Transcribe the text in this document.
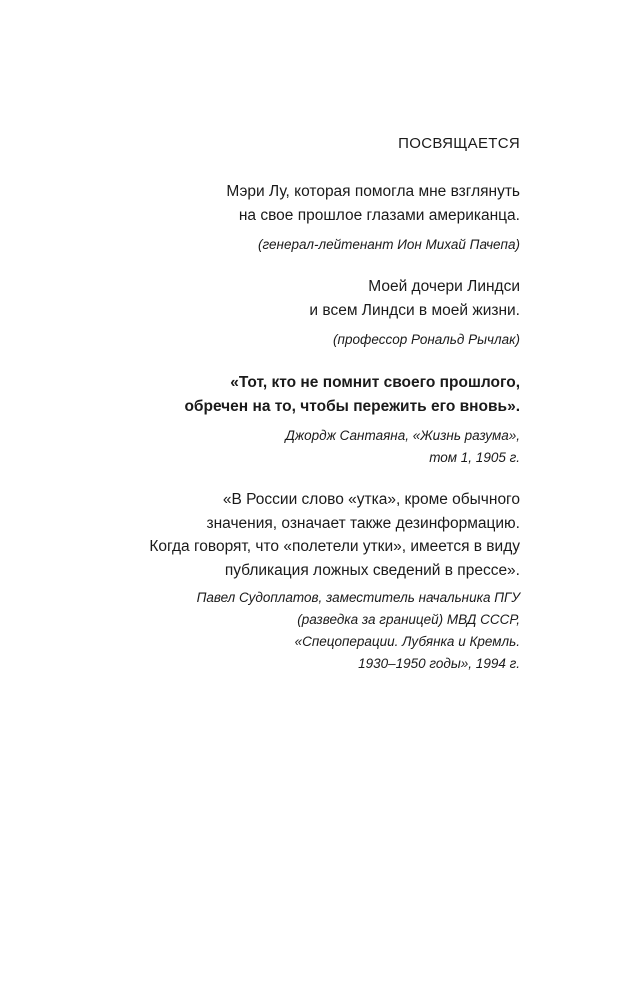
ПОСВЯЩАЕТСЯ
Мэри Лу, которая помогла мне взглянуть
на свое прошлое глазами американца.
(генерал-лейтенант Ион Михай Пачепа)
Моей дочери Линдси
и всем Линдси в моей жизни.
(профессор Рональд Рычлак)
«Тот, кто не помнит своего прошлого,
обречен на то, чтобы пережить его вновь».
Джордж Сантаяна, «Жизнь разума»,
том 1, 1905 г.
«В России слово «утка», кроме обычного
значения, означает также дезинформацию.
Когда говорят, что «полетели утки», имеется в виду
публикация ложных сведений в прессе».
Павел Судоплатов, заместитель начальника ПГУ
(разведка за границей) МВД СССР,
«Спецоперации. Лубянка и Кремль.
1930–1950 годы», 1994 г.
